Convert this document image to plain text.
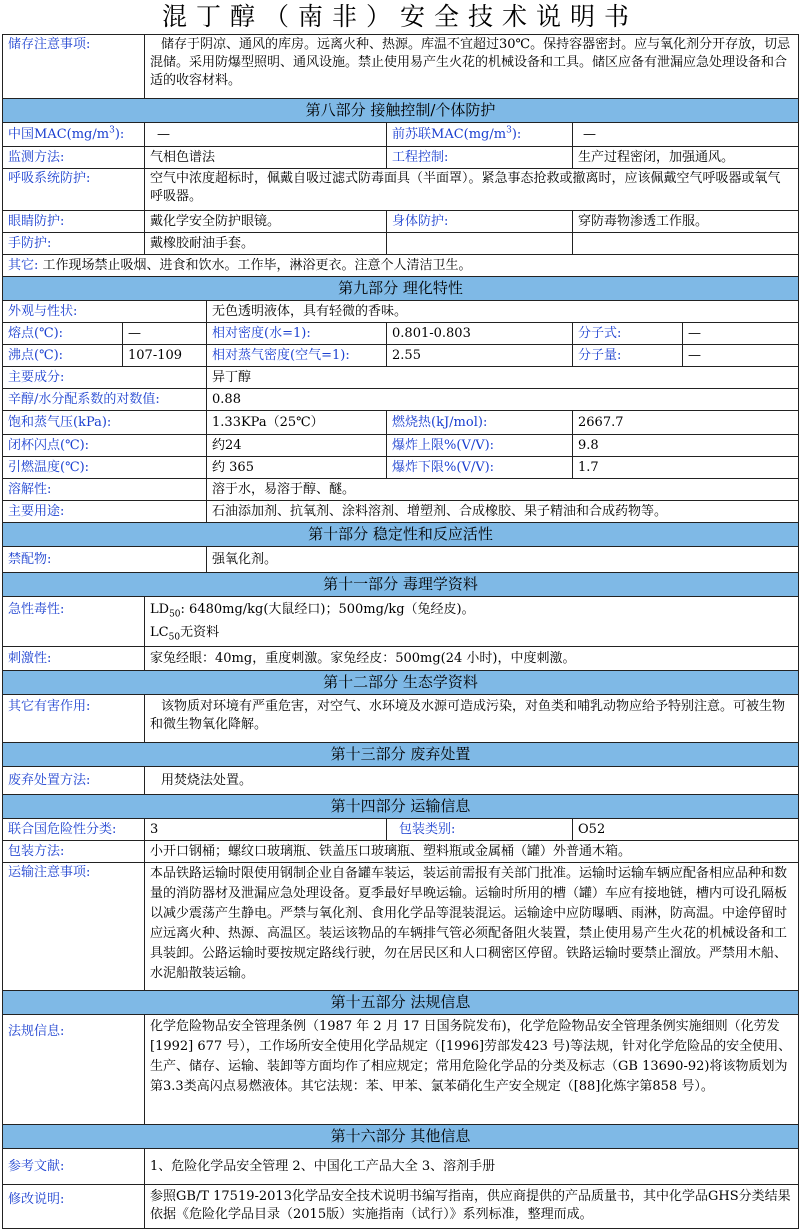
混丁醇（南非）安全技术说明书
储存注意事项:		储存于阴凉、通风的库房。远离火种、热源。库温不宜超过30℃。保持容器密封。应与氧化剂分开存放，切忌混储。采用防爆型照明、通风设施。禁止使用易产生火花的机械设备和工具。储区应备有泄漏应急处理设备和合适的收容材料。				
第八部分 接触控制/个体防护						
中国$MAC(mg/m^3)$:		—		前苏联$MAC(mg/m^3)$:	—	
监测方法:		气相色谱法		工程控制:	生产过程密闭，加强通风。	
呼吸系统防护:		空气中浓度超标时，佩戴自吸过滤式防毒面具（半面罩）。紧急事态抢救或撤离时，应该佩戴空气呼吸器或氧气呼吸器。				
眼睛防护:		戴化学安全防护眼镜。		身体防护:	穿防毒物渗透工作服。	
手防护:		戴橡胶耐油手套。				
其它: 工作现场禁止吸烟、进食和饮水。工作毕，淋浴更衣。注意个人清洁卫生。						
第九部分 理化特性						
外观与性状:			无色透明液体，具有轻微的香味。			
熔点(℃):	—		相对密度(水=1):	0.801-0.803	分子式:	—
沸点(℃):	107-109		相对蒸气密度(空气=1):	2.55	分子量:	—
主要成分:			异丁醇			
辛醇/水分配系数的对数值:			0.88			
饱和蒸气压(kPa):			1.33KPa（25℃）	燃烧热(kJ/mol):	2667.7	
闭杯闪点(℃):			约24	爆炸上限%(V/V):	9.8	
引燃温度(℃):			约 365	爆炸下限%(V/V):	1.7	
溶解性:			溶于水，易溶于醇、醚。			
主要用途:			石油添加剂、抗氧剂、涂料溶剂、增塑剂、合成橡胶、果子精油和合成药物等。			
第十部分 稳定性和反应活性						
禁配物:			强氧化剂。			
第十一部分 毒理学资料						
急性毒性:		$LD_{50}$: 6480mg/kg(大鼠经口)；500mg/kg（兔经皮)。
$LC_{50}$无资料				

刺激性:		家兔经眼：40mg，重度刺激。家兔经皮：500mg(24 小时)，中度刺激。				
第十二部分 生态学资料						
其它有害作用:		该物质对环境有严重危害，对空气、水环境及水源可造成污染，对鱼类和哺乳动物应给予特别注意。可被生物和微生物氧化降解。				
第十三部分 废弃处置						
废弃处置方法:		用焚烧法处置。				
第十四部分 运输信息						
联合国危险性分类:		3		包装类别:	O52	
包装方法:		小开口钢桶；螺纹口玻璃瓶、铁盖压口玻璃瓶、塑料瓶或金属桶（罐）外普通木箱。				
运输注意事项:		本品铁路运输时限使用钢制企业自备罐车装运，装运前需报有关部门批准。运输时运输车辆应配备相应品种和数量的消防器材及泄漏应急处理设备。夏季最好早晚运输。运输时所用的槽（罐）车应有接地链，槽内可设孔隔板以减少震荡产生静电。严禁与氧化剂、食用化学品等混装混运。运输途中应防曝晒、雨淋，防高温。中途停留时应远离火种、热源、高温区。装运该物品的车辆排气管必须配备阻火装置，禁止使用易产生火花的机械设备和工具装卸。公路运输时要按规定路线行驶，勿在居民区和人口稠密区停留。铁路运输时要禁止溜放。严禁用木船、水泥船散装运输。				
第十五部分 法规信息						
法规信息:		化学危险物品安全管理条例（1987 年 2 月 17 日国务院发布)，化学危险物品安全管理条例实施细则（化劳发[1992] 677 号），工作场所安全使用化学品规定（[1996]劳部发423 号)等法规，针对化学危险品的安全使用、生产、储存、运输、装卸等方面均作了相应规定；常用危险化学品的分类及标志（GB 13690-92)将该物质划为第3.3类高闪点易燃液体。其它法规：苯、甲苯、氯苯硝化生产安全规定（[88]化炼字第858 号）。				
第十六部分 其他信息						
参考文献:		1、危险化学品安全管理 2、中国化工产品大全 3、溶剂手册				
修改说明:		参照GB/T 17519-2013化学品安全技术说明书编写指南，供应商提供的产品质量书，其中化学品GHS分类结果依据《危险化学品目录（2015版）实施指南（试行）》系列标准，整理而成。				
